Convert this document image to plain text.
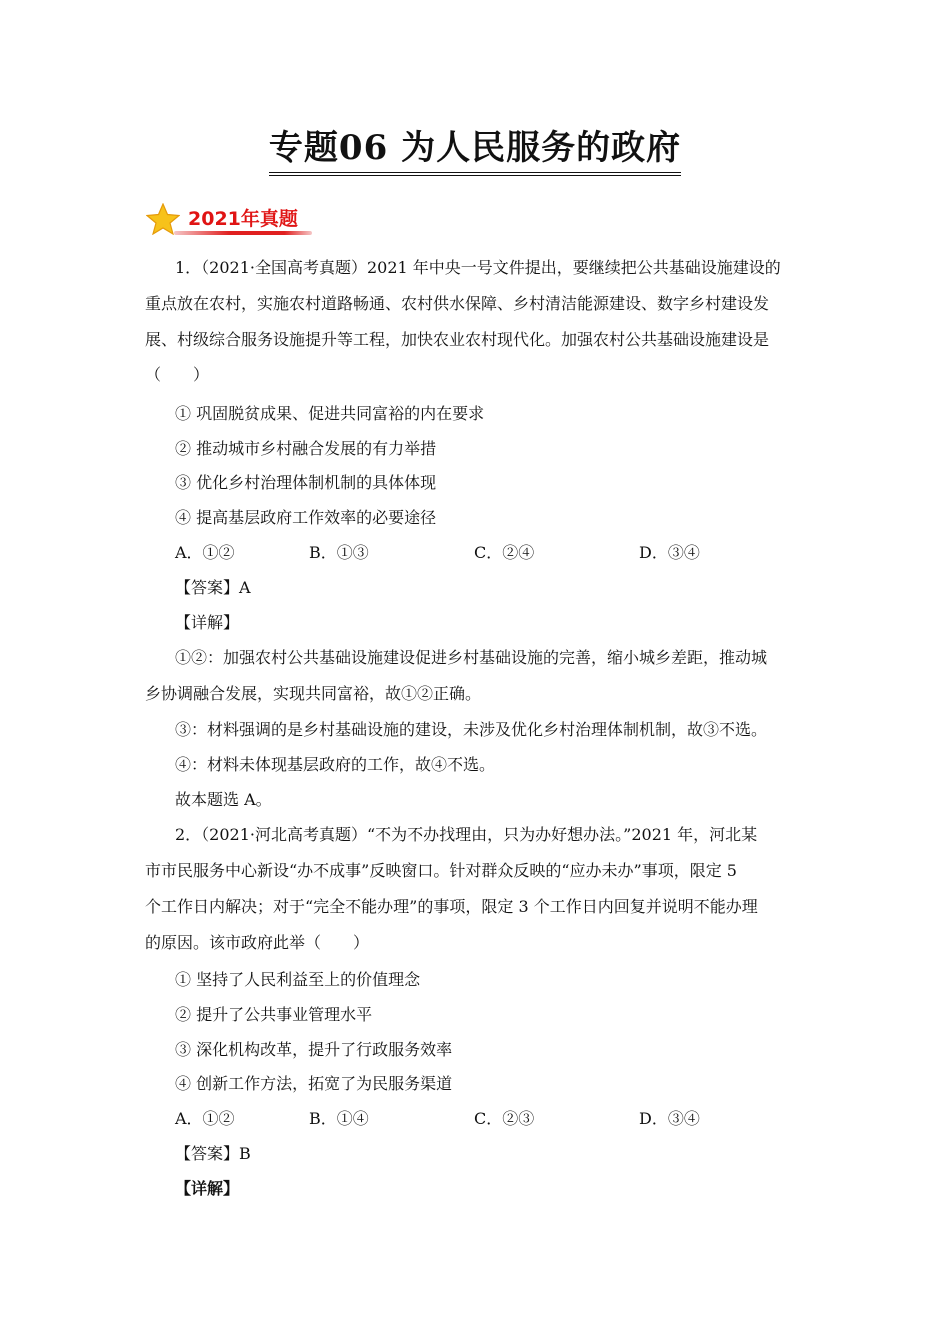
专题06 为人民服务的政府
2021年真题
1．（2021·全国高考真题）2021 年中央一号文件提出，要继续把公共基础设施建设的
重点放在农村，实施农村道路畅通、农村供水保障、乡村清洁能源建设、数字乡村建设发
展、村级综合服务设施提升等工程，加快农业农村现代化。加强农村公共基础设施建设是
（　　）
① 巩固脱贫成果、促进共同富裕的内在要求
② 推动城市乡村融合发展的有力举措
③ 优化乡村治理体制机制的具体体现
④ 提高基层政府工作效率的必要途径
A．①②	B．①③	C．②④	D．③④
【答案】A
【详解】
①②：加强农村公共基础设施建设促进乡村基础设施的完善，缩小城乡差距，推动城
乡协调融合发展，实现共同富裕，故①②正确。
③：材料强调的是乡村基础设施的建设，未涉及优化乡村治理体制机制，故③不选。
④：材料未体现基层政府的工作，故④不选。
故本题选 A。
2．（2021·河北高考真题）“不为不办找理由，只为办好想办法。”2021 年，河北某
市市民服务中心新设“办不成事”反映窗口。针对群众反映的“应办未办”事项，限定 5
个工作日内解决；对于“完全不能办理”的事项，限定 3 个工作日内回复并说明不能办理
的原因。该市政府此举（　　）
① 坚持了人民利益至上的价值理念
② 提升了公共事业管理水平
③ 深化机构改革，提升了行政服务效率
④ 创新工作方法，拓宽了为民服务渠道
A．①②	B．①④	C．②③	D．③④
【答案】B
【详解】
